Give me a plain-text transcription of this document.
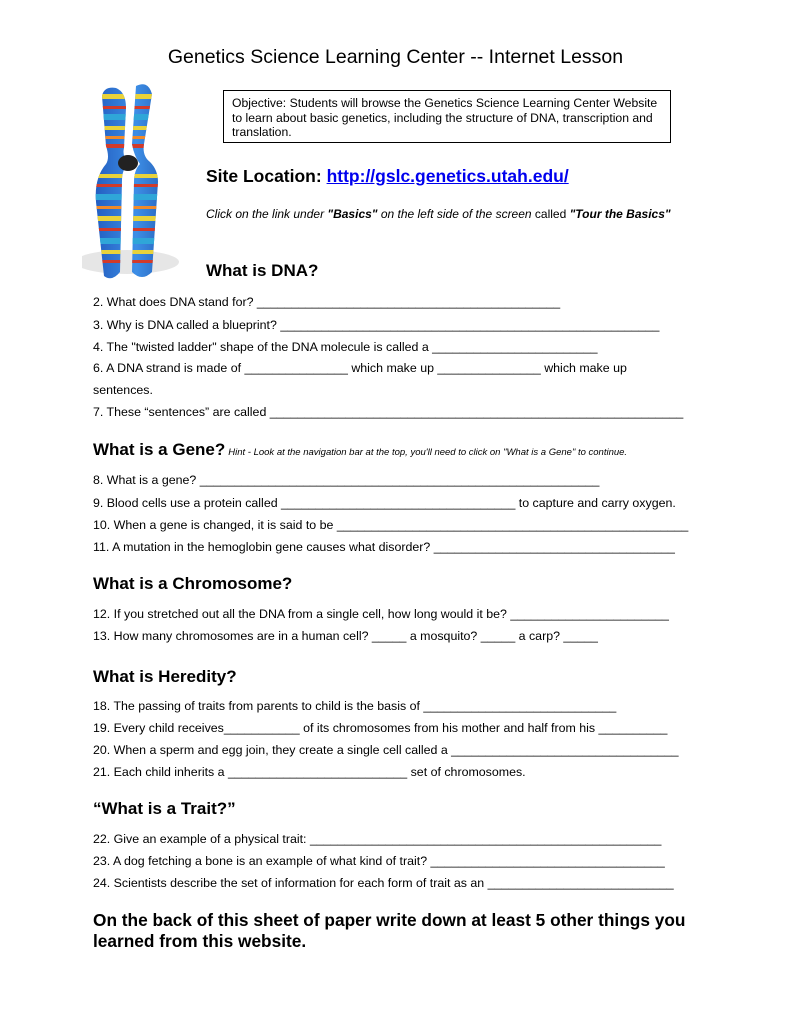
Genetics Science Learning Center -- Internet Lesson
Objective: Students will browse the Genetics Science Learning Center Website to learn about basic genetics, including the structure of DNA, transcription and translation.
Site Location: http://gslc.genetics.utah.edu/
Click on the link under "Basics" on the left side of the screen called "Tour the Basics"
What is DNA?
2. What does DNA stand for? ____________________________________________
3. Why is DNA called a blueprint? _______________________________________________________
4. The "twisted ladder" shape of the DNA molecule is called a ________________________
6. A DNA strand is made of _______________ which make up _______________ which make up
sentences.
7. These “sentences” are called ____________________________________________________________
What is a Gene? Hint - Look at the navigation bar at the top, you'll need to click on "What is a Gene" to continue.
8. What is a gene? __________________________________________________________
9. Blood cells use a protein called __________________________________ to capture and carry oxygen.
10. When a gene is changed, it is said to be ___________________________________________________
11. A mutation in the hemoglobin gene causes what disorder? ___________________________________
What is a Chromosome?
12. If you stretched out all the DNA from a single cell, how long would it be? _______________________
13. How many chromosomes are in a human cell? _____ a mosquito? _____ a carp? _____
What is Heredity?
18. The passing of traits from parents to child is the basis of ____________________________
19. Every child receives___________ of its chromosomes from his mother and half from his __________
20. When a sperm and egg join, they create a single cell called a _________________________________
21. Each child inherits a __________________________ set of chromosomes.
“What is a Trait?”
22. Give an example of a physical trait: ___________________________________________________
23. A dog fetching a bone is an example of what kind of trait? __________________________________
24. Scientists describe the set of information for each form of trait as an ___________________________
On the back of this sheet of paper write down at least 5 other things you learned from this website.
